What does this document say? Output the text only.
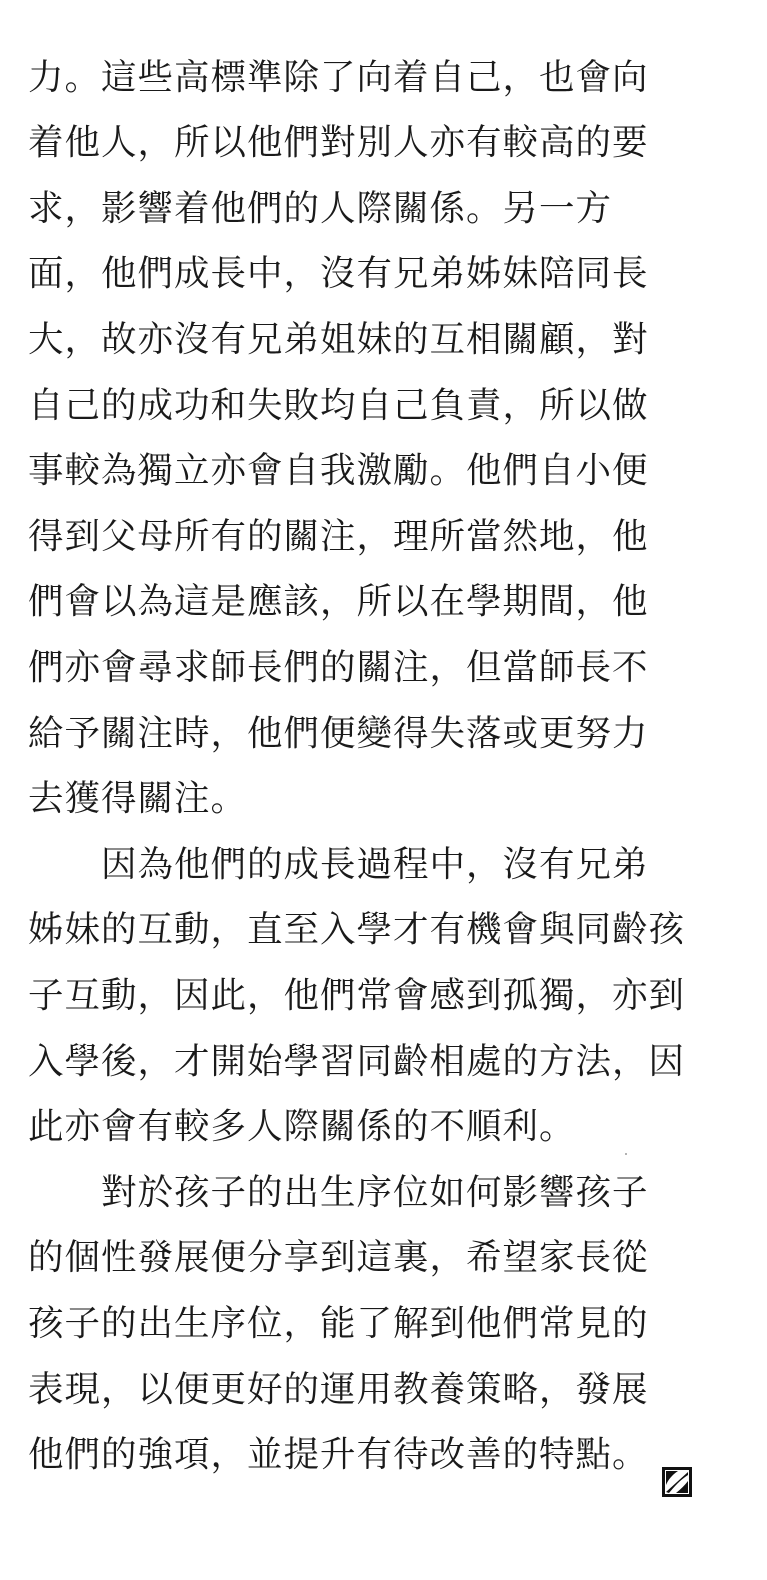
力。這些高標準除了向着自己，也會向
着他人，所以他們對別人亦有較高的要
求，影響着他們的人際關係。另一方
面，他們成長中，沒有兄弟姊妹陪同長
大，故亦沒有兄弟姐妹的互相關顧，對
自己的成功和失敗均自己負責，所以做
事較為獨立亦會自我激勵。他們自小便
得到父母所有的關注，理所當然地，他
們會以為這是應該，所以在學期間，他
們亦會尋求師長們的關注，但當師長不
給予關注時，他們便變得失落或更努力
去獲得關注。
　　因為他們的成長過程中，沒有兄弟
姊妹的互動，直至入學才有機會與同齡孩
子互動，因此，他們常會感到孤獨，亦到
入學後，才開始學習同齡相處的方法，因
此亦會有較多人際關係的不順利。
　　對於孩子的出生序位如何影響孩子
的個性發展便分享到這裏，希望家長從
孩子的出生序位，能了解到他們常見的
表現，以便更好的運用教養策略，發展
他們的強項，並提升有待改善的特點。
